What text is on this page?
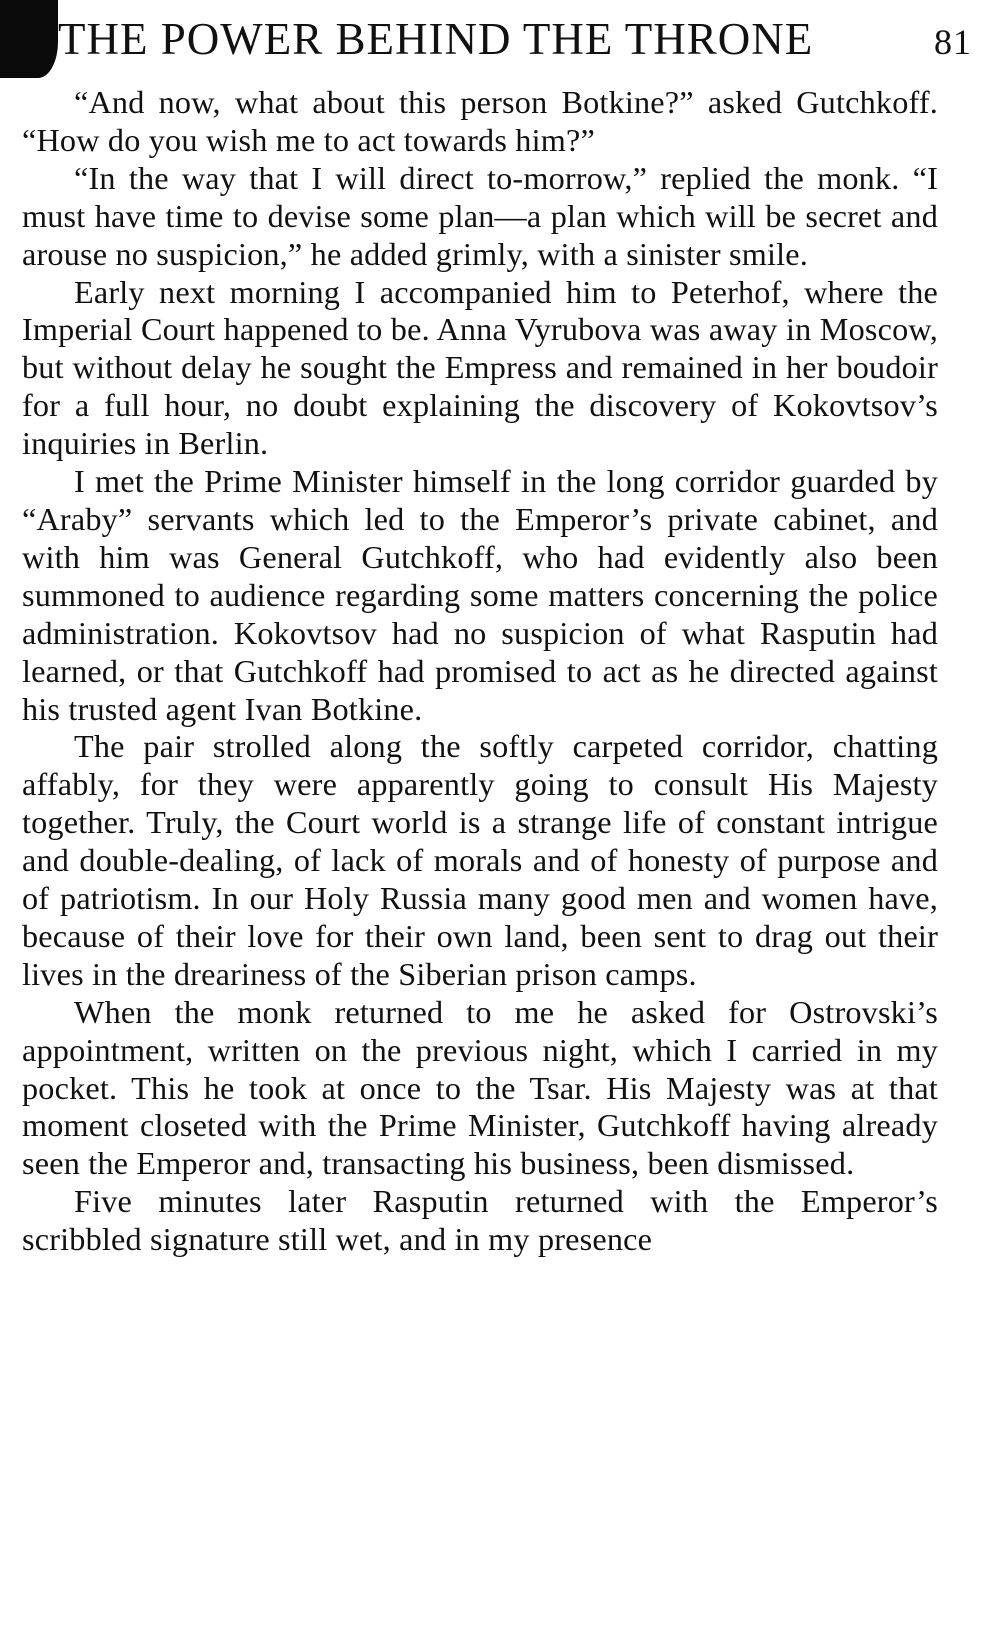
THE POWER BEHIND THE THRONE	81

“And now, what about this person Botkine?” asked Gutchkoff. “How do you wish me to act towards him?”

“In the way that I will direct to-morrow,” replied the monk. “I must have time to devise some plan—a plan which will be secret and arouse no suspicion,” he added grimly, with a sinister smile.

Early next morning I accompanied him to Peterhof, where the Imperial Court happened to be. Anna Vyrubova was away in Moscow, but without delay he sought the Empress and remained in her boudoir for a full hour, no doubt explaining the discovery of Kokovtsov’s inquiries in Berlin.

I met the Prime Minister himself in the long corridor guarded by “Araby” servants which led to the Emperor’s private cabinet, and with him was General Gutchkoff, who had evidently also been summoned to audience regarding some matters concerning the police administration. Kokovtsov had no suspicion of what Rasputin had learned, or that Gutchkoff had promised to act as he directed against his trusted agent Ivan Botkine.

The pair strolled along the softly carpeted corridor, chatting affably, for they were apparently going to consult His Majesty together. Truly, the Court world is a strange life of constant intrigue and double-dealing, of lack of morals and of honesty of purpose and of patriotism. In our Holy Russia many good men and women have, because of their love for their own land, been sent to drag out their lives in the dreariness of the Siberian prison camps.

When the monk returned to me he asked for Ostrovski’s appointment, written on the previous night, which I carried in my pocket. This he took at once to the Tsar. His Majesty was at that moment closeted with the Prime Minister, Gutchkoff having already seen the Emperor and, transacting his business, been dismissed.

Five minutes later Rasputin returned with the Emperor’s scribbled signature still wet, and in my presence
